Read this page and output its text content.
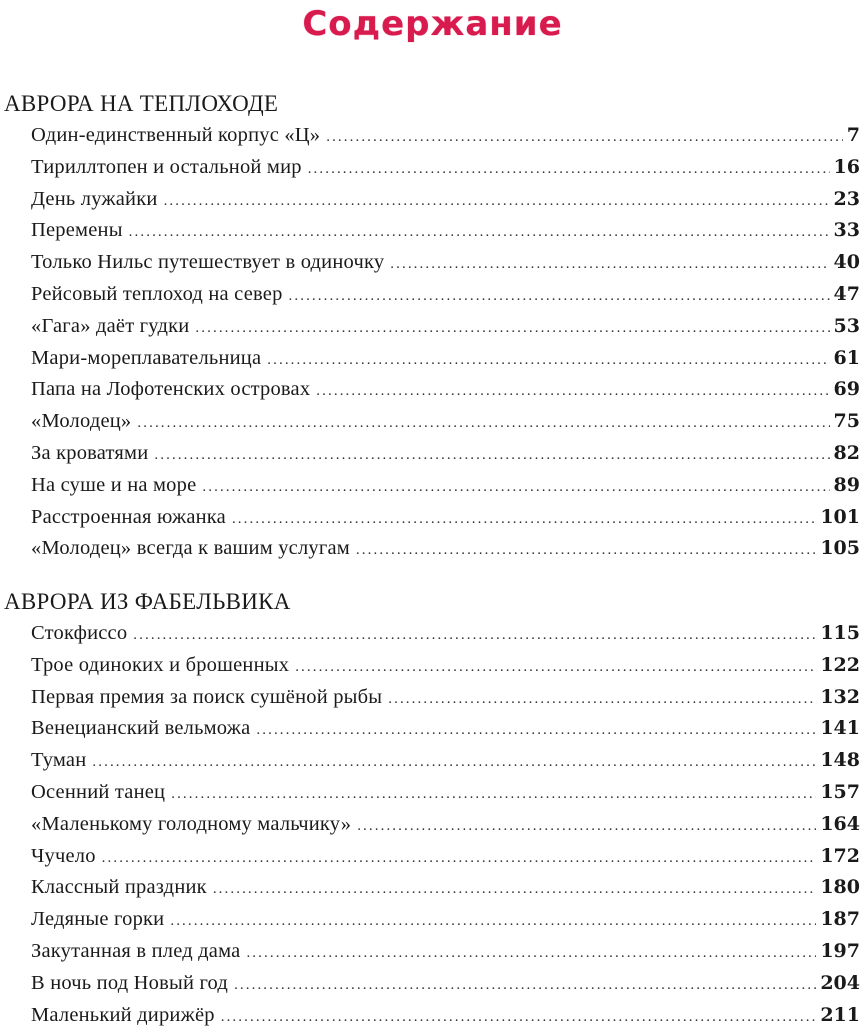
Содержание
АВРОРА НА ТЕПЛОХОДЕ
Один-единственный корпус «Ц» .....	7
Тириллтопен и остальной мир .....	16
День лужайки .....	23
Перемены .....	33
Только Нильс путешествует в одиночку .....	40
Рейсовый теплоход на север .....	47
«Гага» даёт гудки .....	53
Мари-мореплавательница .....	61
Папа на Лофотенских островах .....	69
«Молодец» .....	75
За кроватями .....	82
На суше и на море .....	89
Расстроенная южанка .....	101
«Молодец» всегда к вашим услугам .....	105
АВРОРА ИЗ ФАБЕЛЬВИКА
Стокфиссо .....	115
Трое одиноких и брошенных .....	122
Первая премия за поиск сушёной рыбы .....	132
Венецианский вельможа .....	141
Туман .....	148
Осенний танец .....	157
«Маленькому голодному мальчику» .....	164
Чучело .....	172
Классный праздник .....	180
Ледяные горки .....	187
Закутанная в плед дама .....	197
В ночь под Новый год .....	204
Маленький дирижёр .....	211
